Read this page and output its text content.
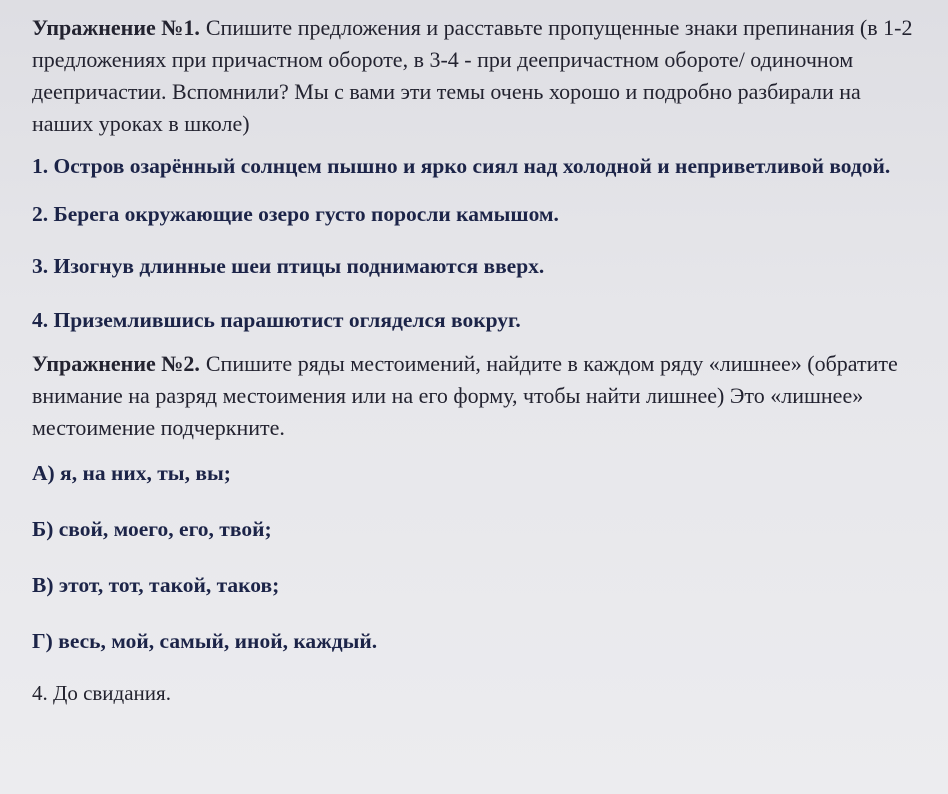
Упражнение №1. Спишите предложения и расставьте пропущенные знаки препинания (в 1-2 предложениях при причастном обороте, в 3-4 - при деепричастном обороте/ одиночном деепричастии. Вспомнили? Мы с вами эти темы очень хорошо и подробно разбирали на наших уроках в школе)

1. Остров озарённый солнцем пышно и ярко сиял над холодной и неприветливой водой.

2. Берега окружающие озеро густо поросли камышом.

3. Изогнув длинные шеи птицы поднимаются вверх.

4. Приземлившись парашютист огляделся вокруг.

Упражнение №2. Спишите ряды местоимений, найдите в каждом ряду «лишнее» (обратите внимание на разряд местоимения или на его форму, чтобы найти лишнее) Это «лишнее» местоимение подчеркните.

А) я, на них, ты, вы;

Б) свой, моего, его, твой;

В) этот, тот, такой, таков;

Г) весь, мой, самый, иной, каждый.

4. До свидания.
